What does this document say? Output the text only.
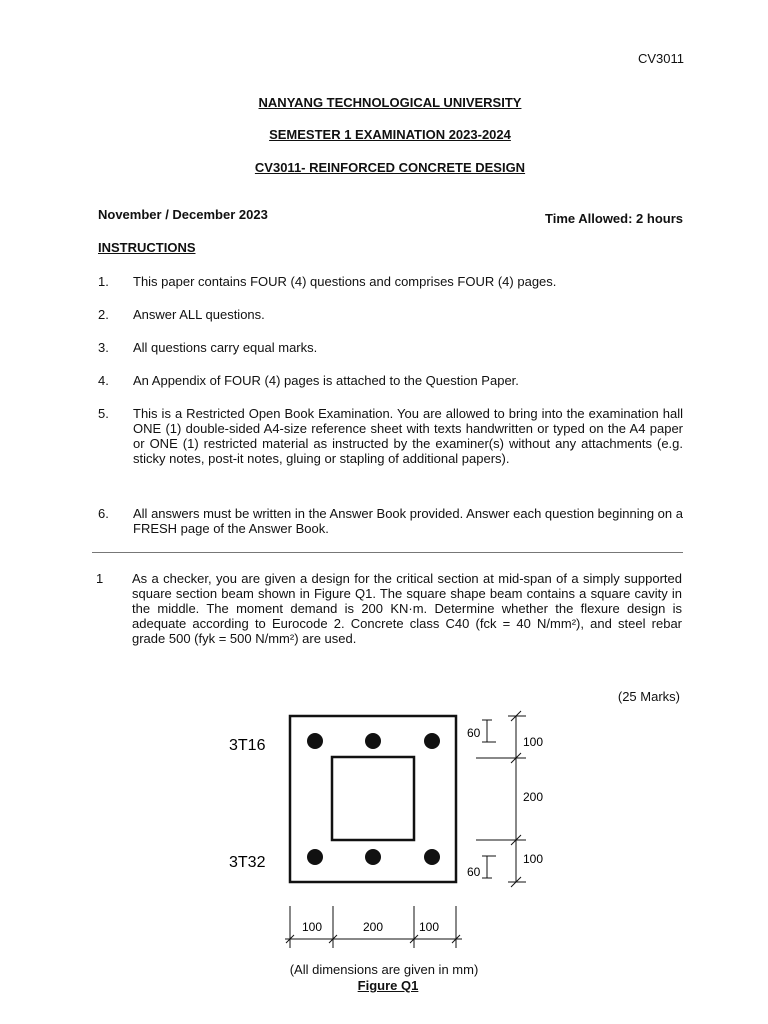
CV3011
NANYANG TECHNOLOGICAL UNIVERSITY
SEMESTER 1 EXAMINATION 2023-2024
CV3011- REINFORCED CONCRETE DESIGN
November / December 2023	Time Allowed: 2 hours
INSTRUCTIONS
1. This paper contains FOUR (4) questions and comprises FOUR (4) pages.
2. Answer ALL questions.
3. All questions carry equal marks.
4. An Appendix of FOUR (4) pages is attached to the Question Paper.
5. This is a Restricted Open Book Examination. You are allowed to bring into the examination hall ONE (1) double-sided A4-size reference sheet with texts handwritten or typed on the A4 paper or ONE (1) restricted material as instructed by the examiner(s) without any attachments (e.g. sticky notes, post-it notes, gluing or stapling of additional papers).
6. All answers must be written in the Answer Book provided. Answer each question beginning on a FRESH page of the Answer Book.
1 As a checker, you are given a design for the critical section at mid-span of a simply supported square section beam shown in Figure Q1. The square shape beam contains a square cavity in the middle. The moment demand is 200 KN·m. Determine whether the flexure design is adequate according to Eurocode 2. Concrete class C40 (fck = 40 N/mm²), and steel rebar grade 500 (fyk = 500 N/mm²) are used.
(25 Marks)
3T16
3T32
60
100
200
100
60
100	200	100
(All dimensions are given in mm)
Figure Q1
